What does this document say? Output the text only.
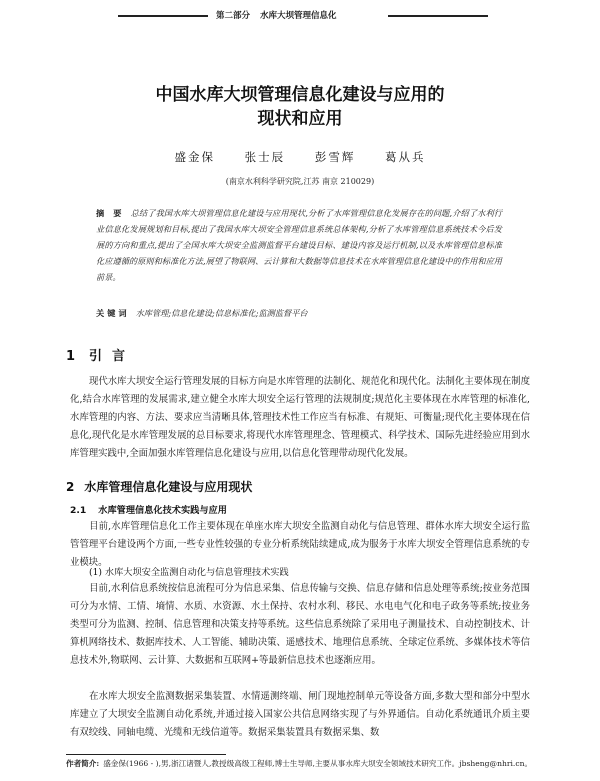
第二部分 水库大坝管理信息化
中国水库大坝管理信息化建设与应用的
现状和应用
盛金保	张士辰	彭雪辉	葛从兵
(南京水利科学研究院,江苏 南京 210029)
摘 要 总结了我国水库大坝管理信息化建设与应用现状,分析了水库管理信息化发展存在的问题,介绍了水利行业信息化发展规划和目标,提出了我国水库大坝安全管理信息系统总体架构,分析了水库管理信息系统技术今后发展的方向和重点,提出了全国水库大坝安全监测监督平台建设目标、建设内容及运行机制,以及水库管理信息标准化应遵循的原则和标准化方法,展望了物联网、云计算和大数据等信息技术在水库管理信息化建设中的作用和应用前景。
关键词 水库管理;信息化建设;信息标准化;监测监督平台
1 引言
现代水库大坝安全运行管理发展的目标方向是水库管理的法制化、规范化和现代化。法制化主要体现在制度化,结合水库管理的发展需求,建立健全水库大坝安全运行管理的法规制度;规范化主要体现在水库管理的标准化,水库管理的内容、方法、要求应当清晰具体,管理技术性工作应当有标准、有规矩、可衡量;现代化主要体现在信息化,现代化是水库管理发展的总目标要求,将现代水库管理理念、管理模式、科学技术、国际先进经验应用到水库管理实践中,全面加强水库管理信息化建设与应用,以信息化管理带动现代化发展。
2 水库管理信息化建设与应用现状
2.1 水库管理信息化技术实践与应用
目前,水库管理信息化工作主要体现在单座水库大坝安全监测自动化与信息管理、群体水库大坝安全运行监管管理平台建设两个方面,一些专业性较强的专业分析系统陆续建成,成为服务于水库大坝安全管理信息系统的专业模块。
(1) 水库大坝安全监测自动化与信息管理技术实践
目前,水利信息系统按信息流程可分为信息采集、信息传输与交换、信息存储和信息处理等系统;按业务范围可分为水情、工情、墒情、水质、水资源、水土保持、农村水利、移民、水电电气化和电子政务等系统;按业务类型可分为监测、控制、信息管理和决策支持等系统。这些信息系统除了采用电子测量技术、自动控制技术、计算机网络技术、数据库技术、人工智能、辅助决策、遥感技术、地理信息系统、全球定位系统、多媒体技术等信息技术外,物联网、云计算、大数据和互联网+等最新信息技术也逐渐应用。
在水库大坝安全监测数据采集装置、水情遥测终端、闸门现地控制单元等设备方面,多数大型和部分中型水库建立了大坝安全监测自动化系统,并通过接入国家公共信息网络实现了与外界通信。自动化系统通讯介质主要有双绞线、同轴电缆、光缆和无线信道等。数据采集装置具有数据采集、数
作者简介: 盛金保(1966 - ),男,浙江诸暨人,教授级高级工程师,博士生导师,主要从事水库大坝安全领域技术研究工作。jbsheng@nhri.cn。
